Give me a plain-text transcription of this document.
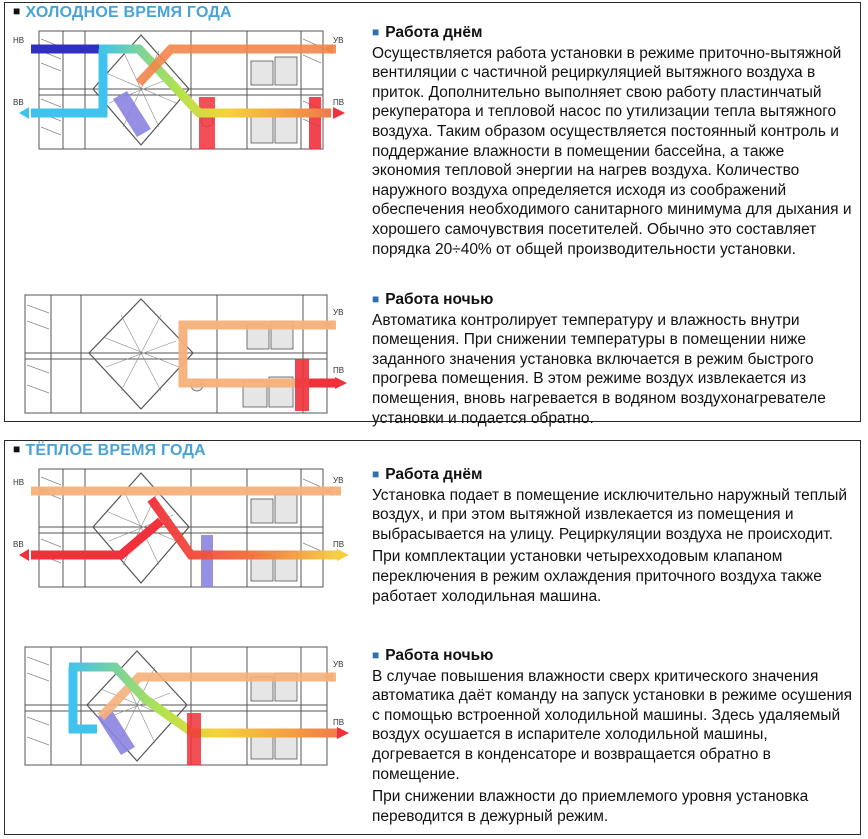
■ ХОЛОДНОЕ ВРЕМЯ ГОДА
НВ
ВВ
УВ
ПВ
■ Работа днём

Осуществляется работа установки в режиме приточно-вытяжной вентиляции с частичной рециркуляцией вытяжного воздуха в приток. Дополнительно выполняет свою работу пластинчатый рекуператора и тепловой насос по утилизации тепла вытяжного воздуха. Таким образом осуществляется постоянный контроль и поддержание влажности в помещении бассейна, а также экономия тепловой энергии на нагрев воздуха. Количество наружного воздуха определяется исходя из соображений обеспечения необходимого санитарного минимума для дыхания и хорошего самочувствия посетителей. Обычно это составляет порядка 20÷40% от общей производительности установки.

УВ
ПВ
■ Работа ночью

Автоматика контролирует температуру и влажность внутри помещения. При снижении температуры в помещении ниже заданного значения установка включается в режим быстрого прогрева помещения. В этом режиме воздух извлекается из помещения, вновь нагревается в водяном воздухонагревателе установки и подается обратно.

■ ТЁПЛОЕ ВРЕМЯ ГОДА
НВ
ВВ
УВ
ПВ
■ Работа днём

Установка подает в помещение исключительно наружный теплый воздух, и при этом вытяжной извлекается из помещения и выбрасывается на улицу. Рециркуляции воздуха не происходит.

При комплектации установки четырехходовым клапаном переключения в режим охлаждения приточного воздуха также работает холодильная машина.

УВ
ПВ
■ Работа ночью

В случае повышения влажности сверх критического значения автоматика даёт команду на запуск установки в режиме осушения с помощью встроенной холодильной машины. Здесь удаляемый воздух осушается в испарителе холодильной машины, догревается в конденсаторе и возвращается обратно в помещение.

При снижении влажности до приемлемого уровня установка переводится в дежурный режим.
